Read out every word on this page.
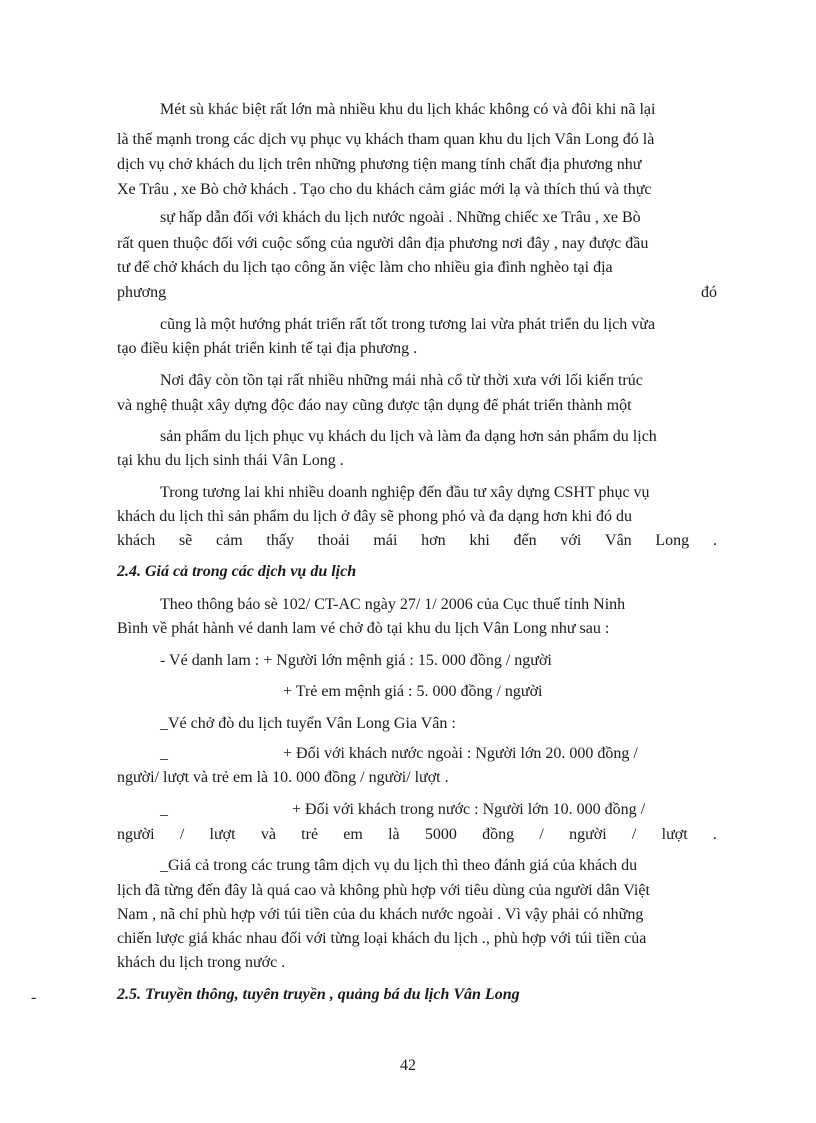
Mét sù khác biệt rất lớn mà nhiều khu du lịch khác không có và đôi khi nã lại
là thế mạnh trong các dịch vụ phục vụ khách tham quan khu du lịch Vân Long đó là
dịch vụ chở khách du lịch trên những phương tiện mang tính chất địa phương như
Xe Trâu , xe Bò chở khách . Tạo cho du khách cảm giác mới lạ và thích thú và thực
sự hấp dẫn đối với khách du lịch nước ngoài . Những chiếc xe Trâu , xe Bò
rất quen thuộc đối với cuộc sống của người dân địa phương nơi đây , nay được đầu
tư để chở khách du lịch tạo công ăn việc làm cho nhiều gia đình nghèo tại địa
phương	đó
cũng là một hướng phát triển rất tốt trong tương lai vừa phát triển du lịch vừa
tạo điều kiện phát triển kinh tế tại địa phương .
Nơi đây còn tồn tại rất nhiều những mái nhà cổ từ thời xưa với lối kiến trúc
và nghệ thuật xây dựng độc đáo nay cũng được tận dụng để phát triển thành một
sản phẩm du lịch phục vụ khách du lịch và làm đa dạng hơn sản phẩm du lịch
tại khu du lịch sinh thái Vân Long .
Trong tương lai khi nhiều doanh nghiệp đến đầu tư xây dựng CSHT phục vụ
khách du lịch thì sản phẩm du lịch ở đây sẽ phong phó và đa dạng hơn khi đó du
khách sẽ cảm thấy thoải mái hơn khi đến với Vân Long .
2.4. Giá cả trong các dịch vụ du lịch
Theo thông báo sè 102/ CT-AC ngày 27/ 1/ 2006 của Cục thuế tỉnh Ninh
Bình về phát hành vé danh lam vé chở đò tại khu du lịch Vân Long như sau :
- Vé danh lam : + Người lớn mệnh giá : 15. 000 đồng / người
+ Trẻ em mệnh giá : 5. 000 đồng / người
_Vé chở đò du lịch tuyến Vân Long Gia Vân :
_	+ Đối với khách nước ngoài : Người lớn 20. 000 đồng /
người/ lượt và trẻ em là 10. 000 đồng / người/ lượt .
_	+ Đối với khách trong nước : Người lớn 10. 000 đồng /
người / lượt và trẻ em là 5000 đồng / người / lượt .
_Giá cả trong các trung tâm dịch vụ du lịch thì theo đánh giá của khách du
lịch đã từng đến đây là quá cao và không phù hợp với tiêu dùng của người dân Việt
Nam , nã chỉ phù hợp với túi tiền của du khách nước ngoài . Vì vậy phải có những
chiến lược giá khác nhau đối với từng loại khách du lịch ., phù hợp với túi tiền của
khách du lịch trong nước .
2.5. Truyền thông, tuyên truyền , quảng bá du lịch Vân Long
-
42
